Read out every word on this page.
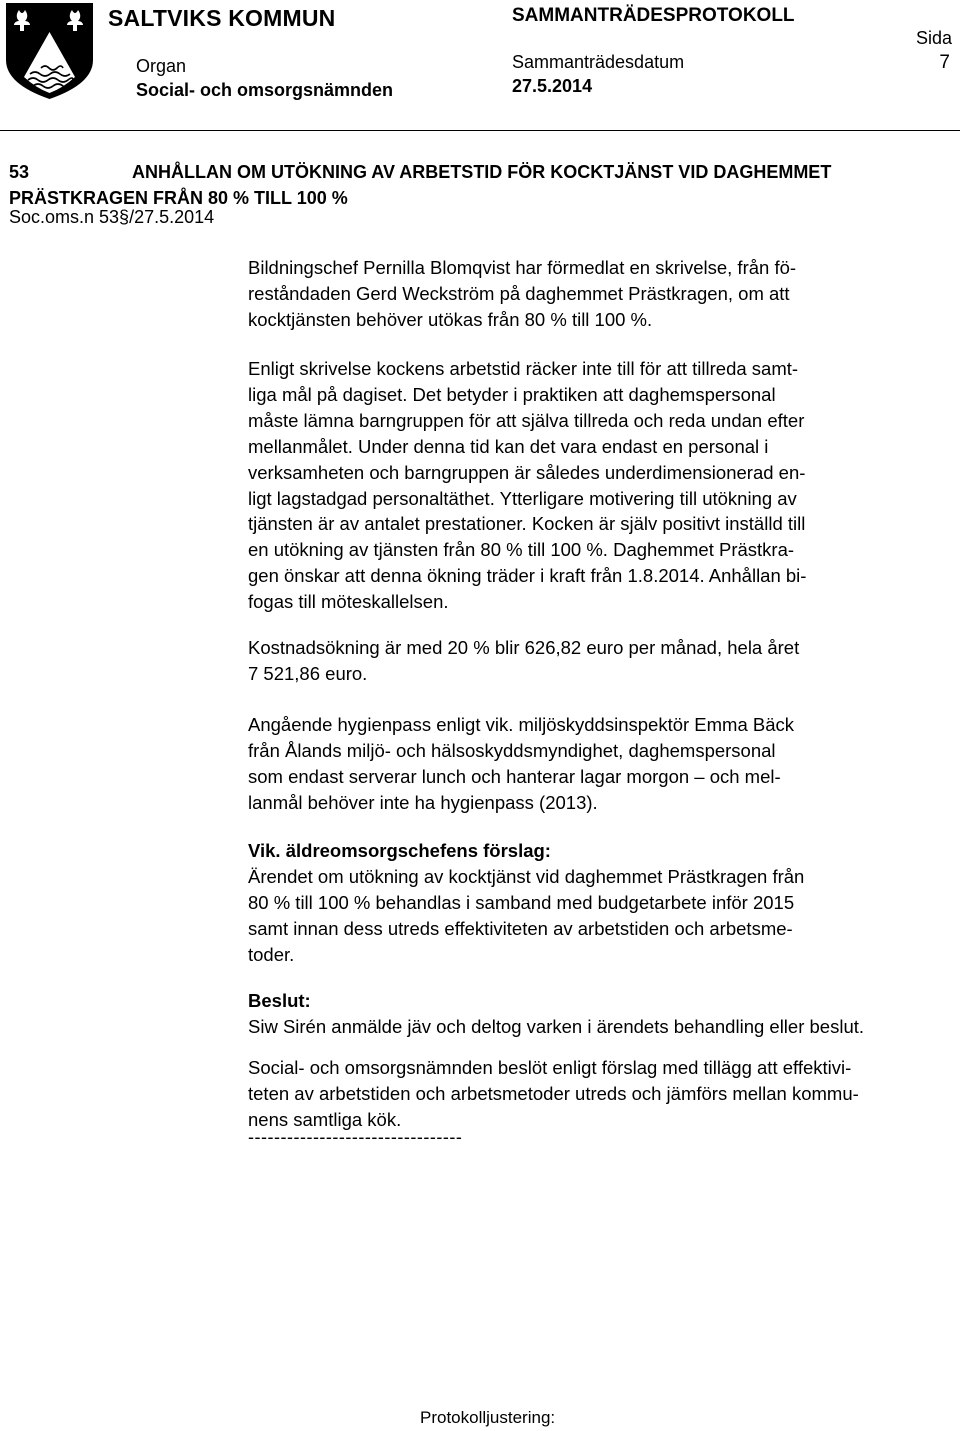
SALTVIKS KOMMUN
Organ
Social- och omsorgsnämnden
SAMMANTRÄDESPROTOKOLL
Sammanträdesdatum
27.5.2014
Sida
7
53	ANHÅLLAN OM UTÖKNING AV ARBETSTID FÖR KOCKTJÄNST VID DAGHEMMET
PRÄSTKRAGEN FRÅN 80 % TILL 100 %
Soc.oms.n 53§/27.5.2014
Bildningschef Pernilla Blomqvist har förmedlat en skrivelse, från fö-
reståndaden Gerd Weckström på daghemmet Prästkragen, om att
kocktjänsten behöver utökas från 80 % till 100 %.
Enligt skrivelse kockens arbetstid räcker inte till för att tillreda samt-
liga mål på dagiset. Det betyder i praktiken att daghemspersonal
måste lämna barngruppen för att själva tillreda och reda undan efter
mellanmålet. Under denna tid kan det vara endast en personal i
verksamheten och barngruppen är således underdimensionerad en-
ligt lagstadgad personaltäthet. Ytterligare motivering till utökning av
tjänsten är av antalet prestationer. Kocken är själv positivt inställd till
en utökning av tjänsten från 80 % till 100 %. Daghemmet Prästkra-
gen önskar att denna ökning träder i kraft från 1.8.2014. Anhållan bi-
fogas till möteskallelsen.
Kostnadsökning är med 20 % blir 626,82 euro per månad, hela året
7 521,86 euro.
Angående hygienpass enligt vik. miljöskyddsinspektör Emma Bäck
från Ålands miljö- och hälsoskyddsmyndighet, daghemspersonal
som endast serverar lunch och hanterar lagar morgon – och mel-
lanmål behöver inte ha hygienpass (2013).
Vik. äldreomsorgschefens förslag:
Ärendet om utökning av kocktjänst vid daghemmet Prästkragen från
80 % till 100 % behandlas i samband med budgetarbete inför 2015
samt innan dess utreds effektiviteten av arbetstiden och arbetsme-
toder.
Beslut:
Siw Sirén anmälde jäv och deltog varken i ärendets behandling eller beslut.
Social- och omsorgsnämnden beslöt enligt förslag med tillägg att effektivi-
teten av arbetstiden och arbetsmetoder utreds och jämförs mellan kommu-
nens samtliga kök.
---------------------------------
Protokolljustering:
